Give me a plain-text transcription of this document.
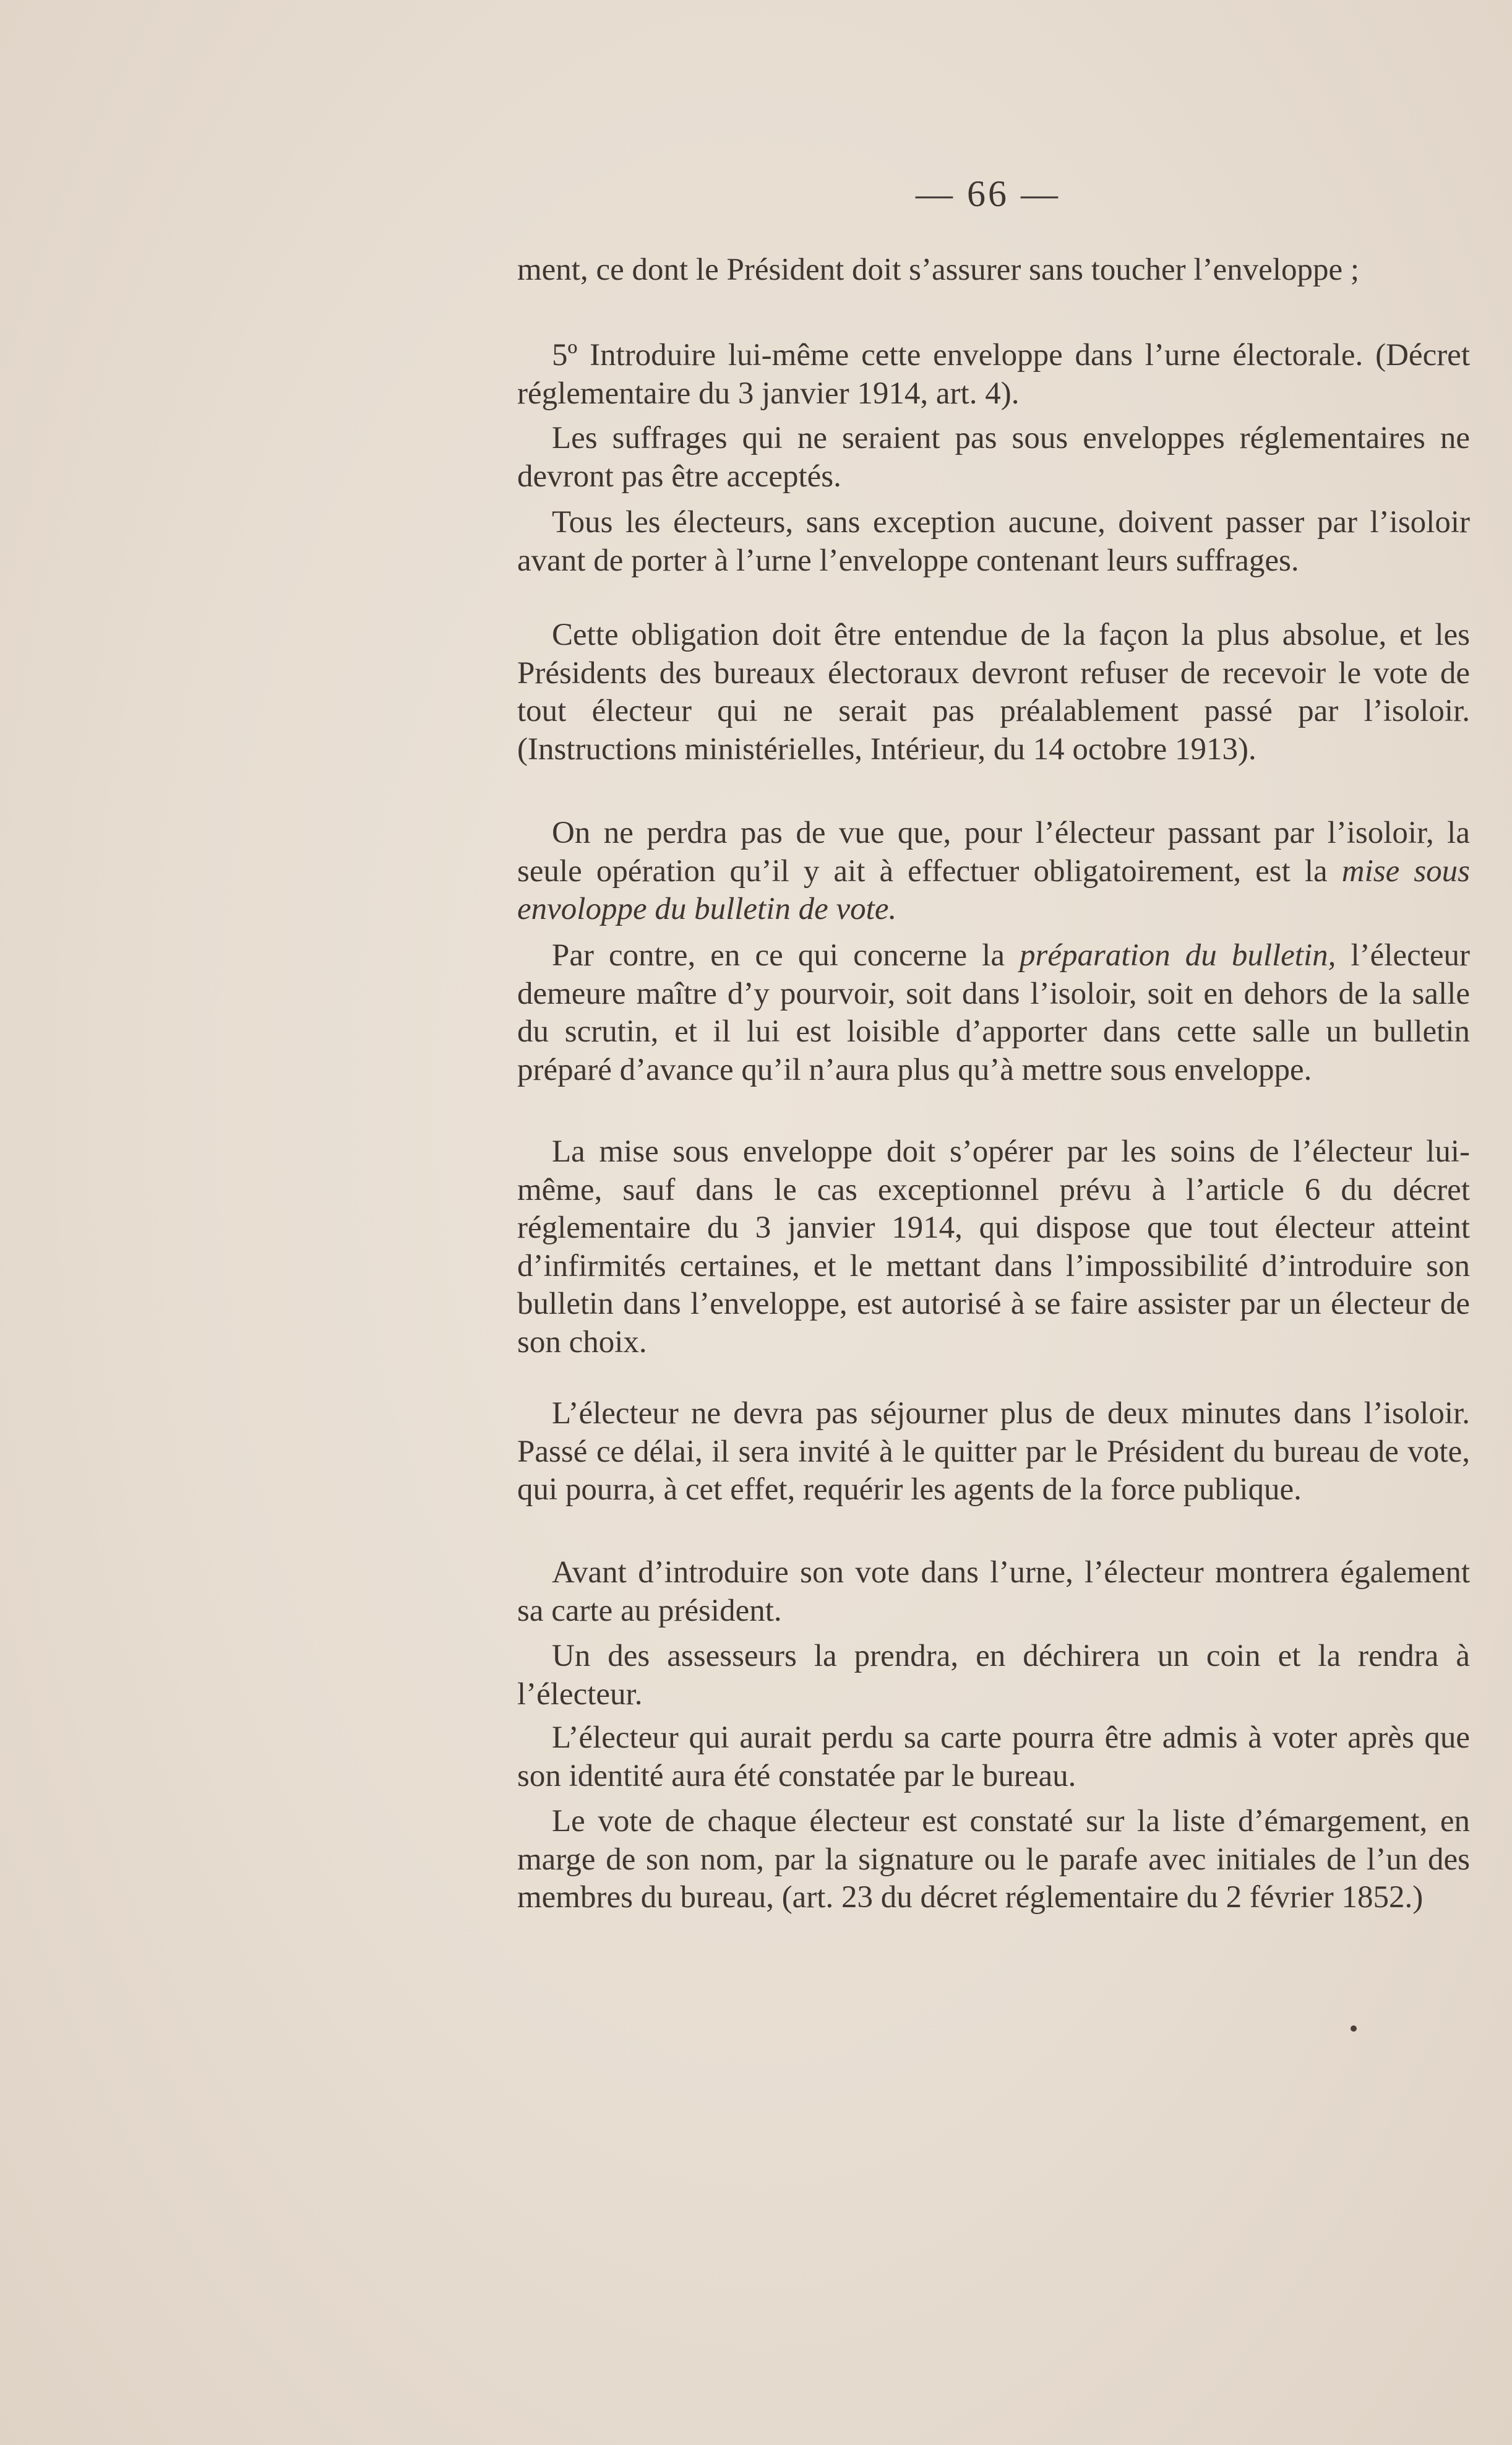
— 66 —

ment, ce dont le Président doit s’assurer sans toucher l’enveloppe ;

5º Introduire lui-même cette enveloppe dans l’urne électorale. (Décret réglementaire du 3 janvier 1914, art. 4).

Les suffrages qui ne seraient pas sous enveloppes réglementaires ne devront pas être acceptés.

Tous les électeurs, sans exception aucune, doivent passer par l’isoloir avant de porter à l’urne l’enveloppe contenant leurs suffrages.

Cette obligation doit être entendue de la façon la plus absolue, et les Présidents des bureaux électoraux devront refuser de recevoir le vote de tout électeur qui ne serait pas préalablement passé par l’isoloir. (Instructions ministérielles, Intérieur, du 14 octobre 1913).

On ne perdra pas de vue que, pour l’électeur passant par l’isoloir, la seule opération qu’il y ait à effectuer obligatoirement, est la mise sous envoloppe du bulletin de vote.

Par contre, en ce qui concerne la préparation du bulletin, l’électeur demeure maître d’y pourvoir, soit dans l’isoloir, soit en dehors de la salle du scrutin, et il lui est loisible d’apporter dans cette salle un bulletin préparé d’avance qu’il n’aura plus qu’à mettre sous enveloppe.

La mise sous enveloppe doit s’opérer par les soins de l’électeur lui-même, sauf dans le cas exceptionnel prévu à l’article 6 du décret réglementaire du 3 janvier 1914, qui dispose que tout électeur atteint d’infirmités certaines, et le mettant dans l’impossibilité d’introduire son bulletin dans l’enveloppe, est autorisé à se faire assister par un électeur de son choix.

L’électeur ne devra pas séjourner plus de deux minutes dans l’isoloir. Passé ce délai, il sera invité à le quitter par le Président du bureau de vote, qui pourra, à cet effet, requérir les agents de la force publique.

Avant d’introduire son vote dans l’urne, l’électeur montrera également sa carte au président.

Un des assesseurs la prendra, en déchirera un coin et la rendra à l’électeur.

L’électeur qui aurait perdu sa carte pourra être admis à voter après que son identité aura été constatée par le bureau.

Le vote de chaque électeur est constaté sur la liste d’émargement, en marge de son nom, par la signature ou le parafe avec initiales de l’un des membres du bureau, (art. 23 du décret réglementaire du 2 février 1852.)
